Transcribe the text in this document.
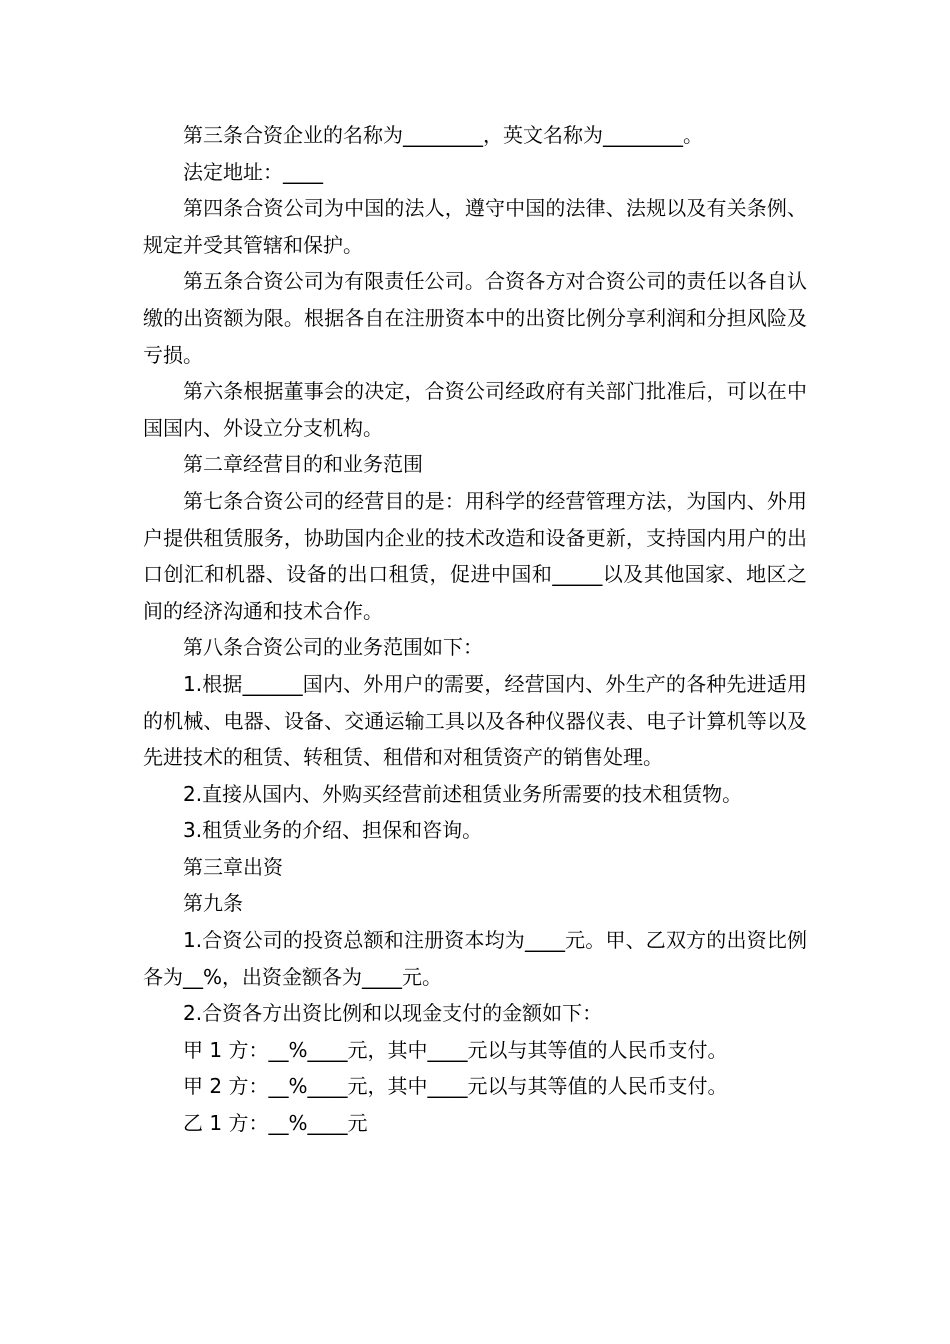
第三条合资企业的名称为________，英文名称为________。

法定地址：____

第四条合资公司为中国的法人，遵守中国的法律、法规以及有关条例、规定并受其管辖和保护。

第五条合资公司为有限责任公司。合资各方对合资公司的责任以各自认缴的出资额为限。根据各自在注册资本中的出资比例分享利润和分担风险及亏损。

第六条根据董事会的决定，合资公司经政府有关部门批准后，可以在中国国内、外设立分支机构。

第二章经营目的和业务范围

第七条合资公司的经营目的是：用科学的经营管理方法，为国内、外用户提供租赁服务，协助国内企业的技术改造和设备更新，支持国内用户的出口创汇和机器、设备的出口租赁，促进中国和_____以及其他国家、地区之间的经济沟通和技术合作。

第八条合资公司的业务范围如下：

1.根据______国内、外用户的需要，经营国内、外生产的各种先进适用的机械、电器、设备、交通运输工具以及各种仪器仪表、电子计算机等以及先进技术的租赁、转租赁、租借和对租赁资产的销售处理。

2.直接从国内、外购买经营前述租赁业务所需要的技术租赁物。

3.租赁业务的介绍、担保和咨询。

第三章出资

第九条

1.合资公司的投资总额和注册资本均为____元。甲、乙双方的出资比例各为__%，出资金额各为____元。

2.合资各方出资比例和以现金支付的金额如下：

甲 1 方：__%____元，其中____元以与其等值的人民币支付。

甲 2 方：__%____元，其中____元以与其等值的人民币支付。

乙 1 方：__%____元
